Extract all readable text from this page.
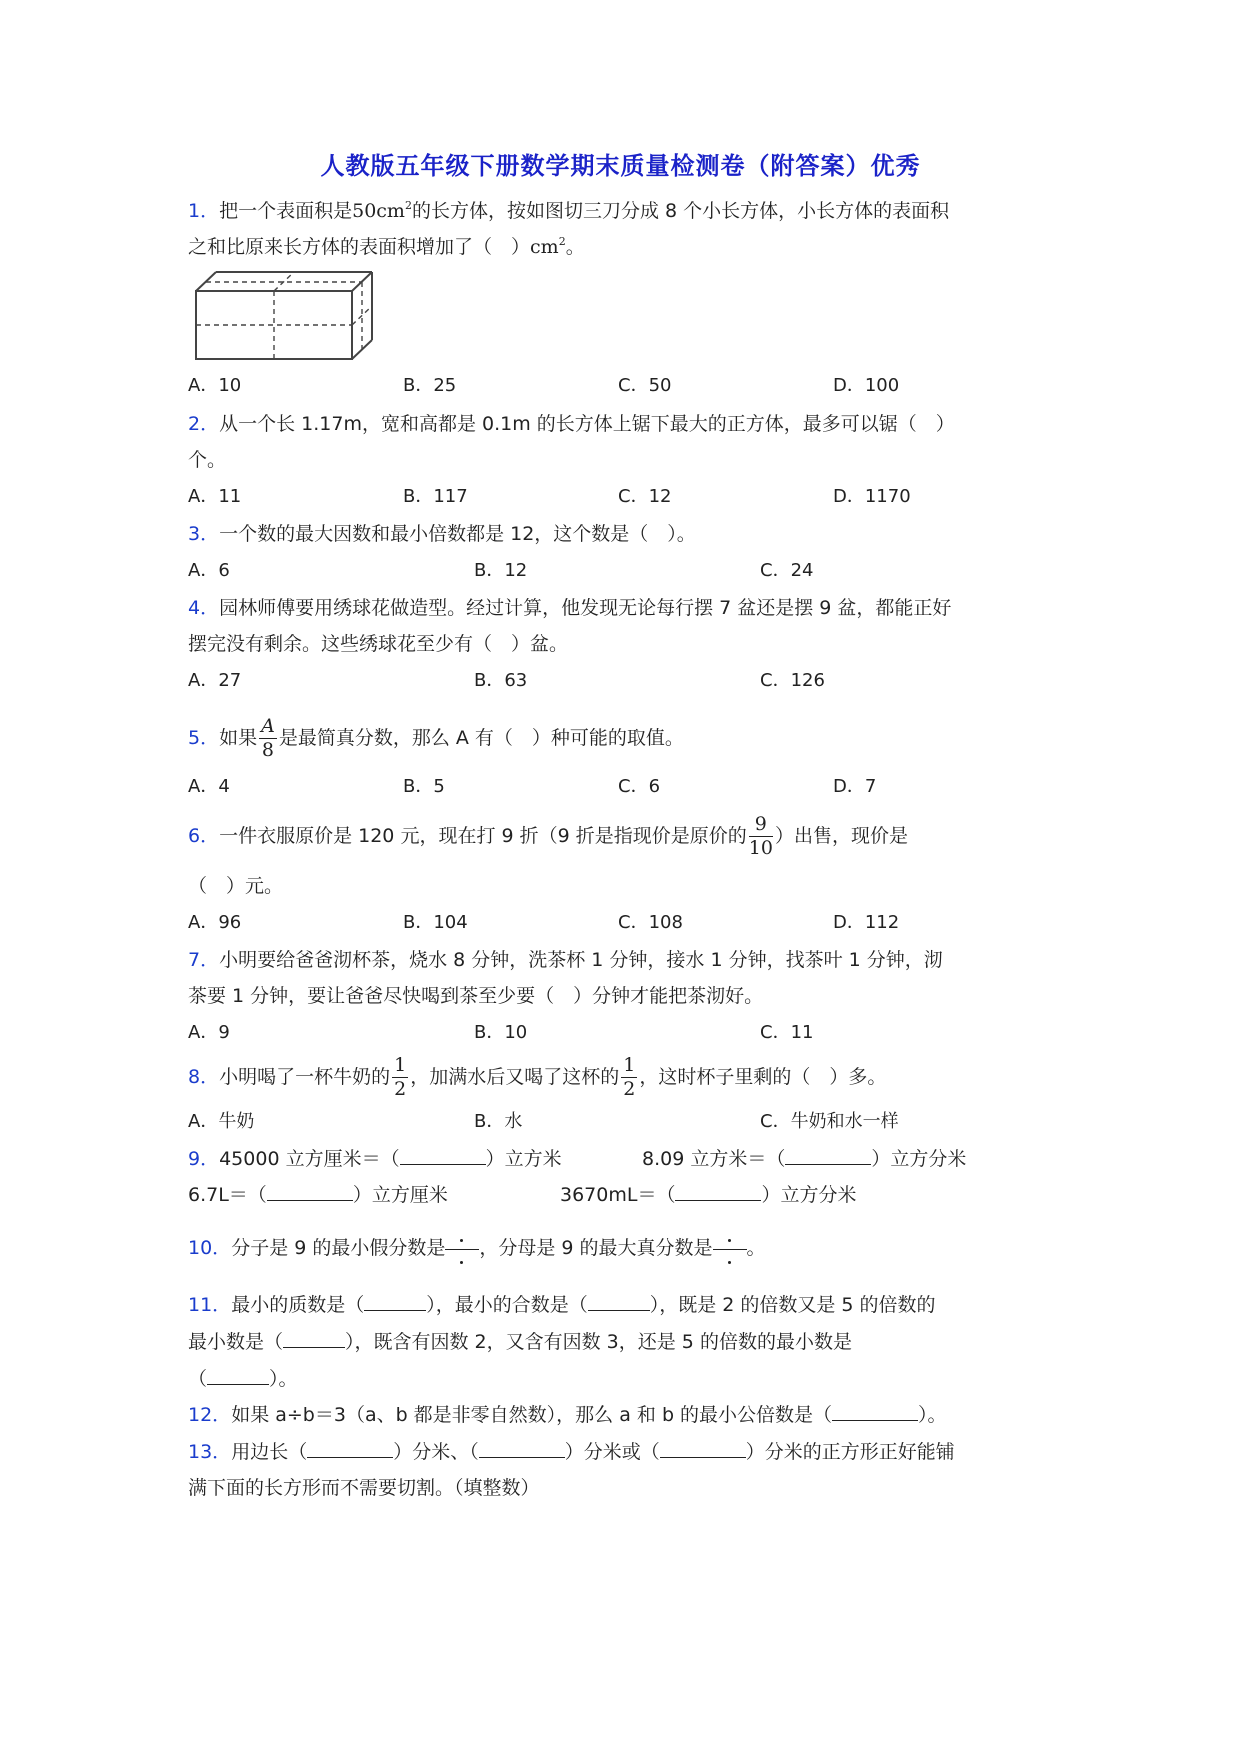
人教版五年级下册数学期末质量检测卷（附答案）优秀
1．把一个表面积是$50cm^2$的长方体，按如图切三刀分成 8 个小长方体，小长方体的表面积
之和比原来长方体的表面积增加了（　）$cm^2$。
A．10	B．25	C．50	D．100
2．从一个长 1.17m，宽和高都是 0.1m 的长方体上锯下最大的正方体，最多可以锯（　）
个。
A．11	B．117	C．12	D．1170
3．一个数的最大因数和最小倍数都是 12，这个数是（　）。
A．6	B．12	C．24
4．园林师傅要用绣球花做造型。经过计算，他发现无论每行摆 7 盆还是摆 9 盆，都能正好
摆完没有剩余。这些绣球花至少有（　）盆。
A．27	B．63	C．126
5．如果 $\frac{A}{8}$ 是最简真分数，那么 A 有（　）种可能的取值。
A．4	B．5	C．6	D．7
6．一件衣服原价是 120 元，现在打 9 折（9 折是指现价是原价的 $\frac{9}{10}$ ）出售，现价是
（　）元。
A．96	B．104	C．108	D．112
7．小明要给爸爸沏杯茶，烧水 8 分钟，洗茶杯 1 分钟，接水 1 分钟，找茶叶 1 分钟，沏
茶要 1 分钟，要让爸爸尽快喝到茶至少要（　）分钟才能把茶沏好。
A．9	B．10	C．11
8．小明喝了一杯牛奶的 $\frac{1}{2}$ ，加满水后又喝了这杯的 $\frac{1}{2}$ ，这时杯子里剩的（　）多。
A．牛奶	B．水	C．牛奶和水一样
9．45000 立方厘米＝（	）立方米	8.09 立方米＝（	）立方分米
6.7L＝（	）立方厘米	3670mL＝（	）立方分米
10．分子是 9 的最小假分数是 ，分母是 9 的最大真分数是 。
11．最小的质数是（	），最小的合数是（	），既是 2 的倍数又是 5 的倍数的
最小数是（	），既含有因数 2，又含有因数 3，还是 5 的倍数的最小数是
（	）。
12．如果 a÷b＝3（a、b 都是非零自然数），那么 a 和 b 的最小公倍数是（	）。
13．用边长（	）分米、（	）分米或（	）分米的正方形正好能铺
满下面的长方形而不需要切割。（填整数）
